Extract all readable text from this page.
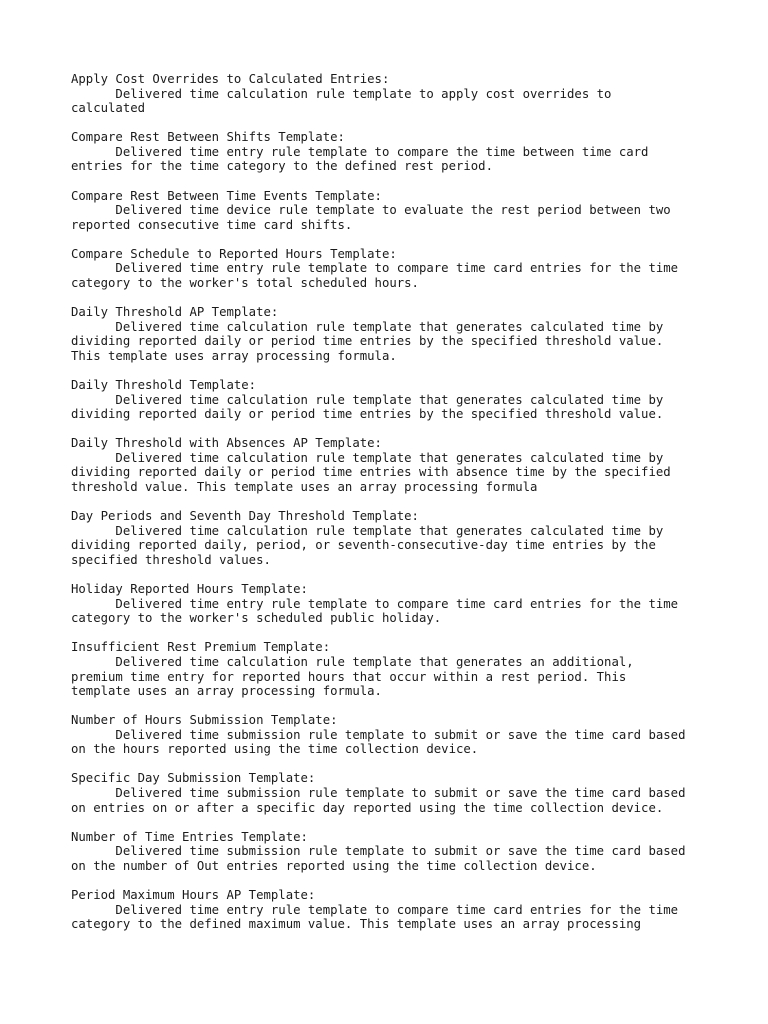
Apply Cost Overrides to Calculated Entries:
Delivered time calculation rule template to apply cost overrides to
calculated
Compare Rest Between Shifts Template:
Delivered time entry rule template to compare the time between time card
entries for the time category to the defined rest period.
Compare Rest Between Time Events Template:
Delivered time device rule template to evaluate the rest period between two
reported consecutive time card shifts.
Compare Schedule to Reported Hours Template:
Delivered time entry rule template to compare time card entries for the time
category to the worker's total scheduled hours.
Daily Threshold AP Template:
Delivered time calculation rule template that generates calculated time by
dividing reported daily or period time entries by the specified threshold value.
This template uses array processing formula.
Daily Threshold Template:
Delivered time calculation rule template that generates calculated time by
dividing reported daily or period time entries by the specified threshold value.
Daily Threshold with Absences AP Template:
Delivered time calculation rule template that generates calculated time by
dividing reported daily or period time entries with absence time by the specified
threshold value. This template uses an array processing formula
Day Periods and Seventh Day Threshold Template:
Delivered time calculation rule template that generates calculated time by
dividing reported daily, period, or seventh-consecutive-day time entries by the
specified threshold values.
Holiday Reported Hours Template:
Delivered time entry rule template to compare time card entries for the time
category to the worker's scheduled public holiday.
Insufficient Rest Premium Template:
Delivered time calculation rule template that generates an additional,
premium time entry for reported hours that occur within a rest period. This
template uses an array processing formula.
Number of Hours Submission Template:
Delivered time submission rule template to submit or save the time card based
on the hours reported using the time collection device.
Specific Day Submission Template:
Delivered time submission rule template to submit or save the time card based
on entries on or after a specific day reported using the time collection device.
Number of Time Entries Template:
Delivered time submission rule template to submit or save the time card based
on the number of Out entries reported using the time collection device.
Period Maximum Hours AP Template:
Delivered time entry rule template to compare time card entries for the time
category to the defined maximum value. This template uses an array processing
